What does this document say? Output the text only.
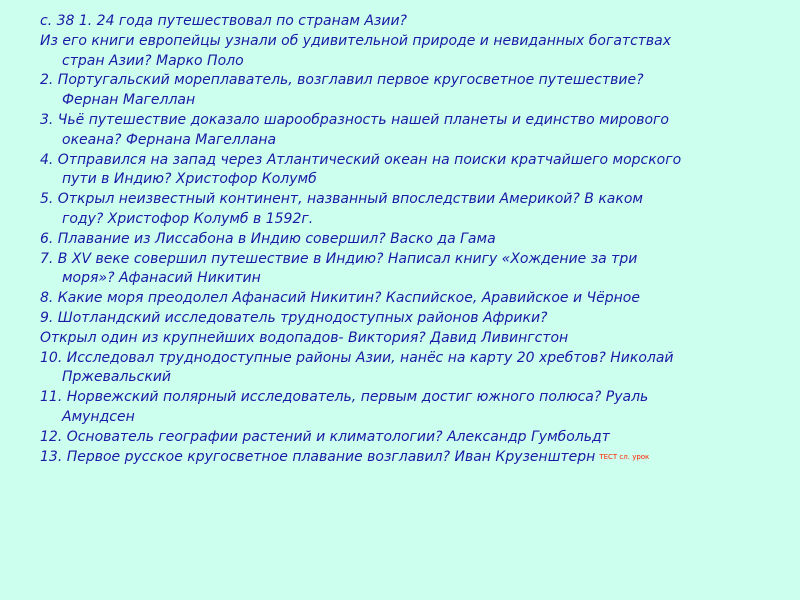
с. 38 1. 24 года путешествовал по странам Азии?
Из его книги европейцы узнали об удивительной природе и невиданных богатствах
стран Азии? Марко Поло
2. Португальский мореплаватель, возглавил первое кругосветное путешествие?
Фернан Магеллан
3. Чьё путешествие доказало шарообразность нашей планеты и единство мирового
океана? Фернана Магеллана
4. Отправился на запад через Атлантический океан на поиски кратчайшего морского
пути в Индию? Христофор Колумб
5. Открыл неизвестный континент, названный впоследствии Америкой? В каком
году? Христофор Колумб в 1592г.
6. Плавание из Лиссабона в Индию совершил? Васко да Гама
7. В XV веке совершил путешествие в Индию? Написал книгу «Хождение за три
моря»? Афанасий Никитин
8. Какие моря преодолел Афанасий Никитин? Каспийское, Аравийское и Чёрное
9. Шотландский исследователь труднодоступных районов Африки?
Открыл один из крупнейших водопадов- Виктория? Давид Ливингстон
10. Исследовал труднодоступные районы Азии, нанёс на карту 20 хребтов? Николай
Пржевальский
11. Норвежский полярный исследователь, первым достиг южного полюса? Руаль
Амундсен
12. Основатель географии растений и климатологии? Александр Гумбольдт
13. Первое русское кругосветное плавание возглавил? Иван Крузенштерн ТЕСТ сл. урок
